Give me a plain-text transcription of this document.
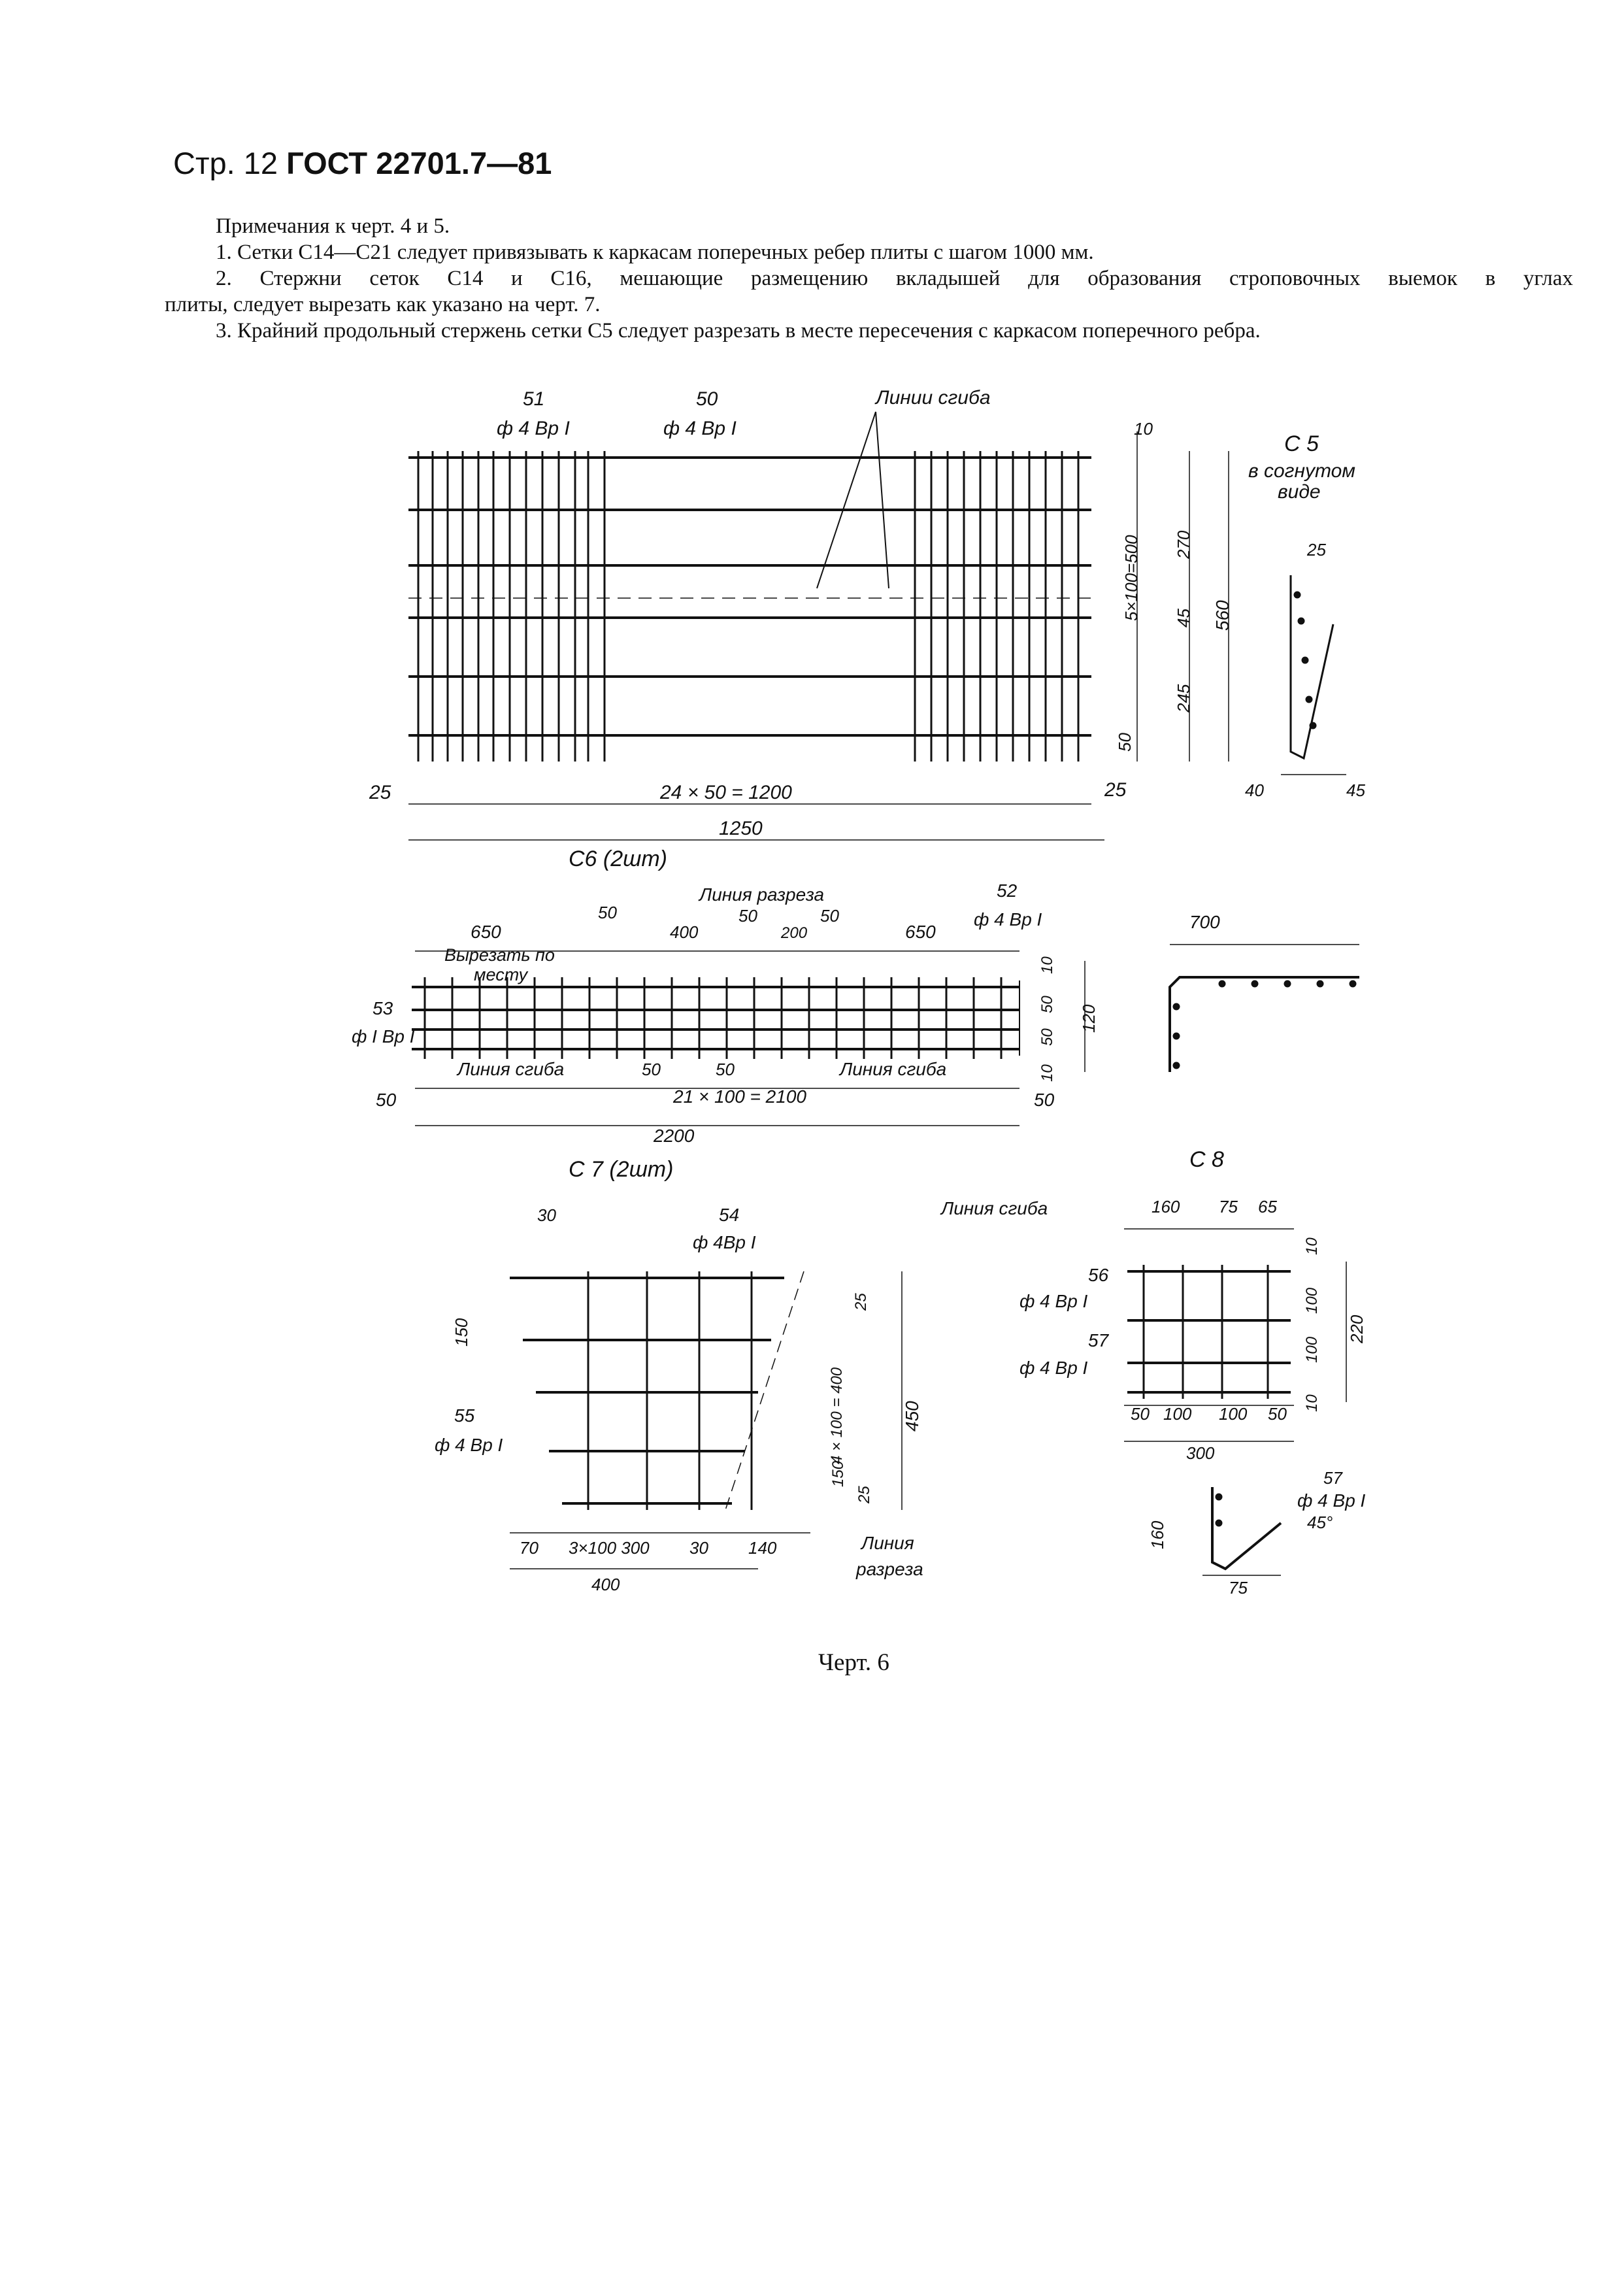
Стр. 12 ГОСТ 22701.7—81

Примечания к черт. 4 и 5.

1. Сетки С14—С21 следует привязывать к каркасам поперечных ребер плиты с шагом 1000 мм.

2. Стержни сеток С14 и С16, мешающие размещению вкладышей для образования строповочных выемок в углах

плиты, следует вырезать как указано на черт. 7.

3. Крайний продольный стержень сетки С5 следует разрезать в месте пересечения с каркасом поперечного ребра.

51
ф 4 Вр I
50
ф 4 Вр I
Линии сгиба
10
5×100=500 270
45 560
245
50
25	24 × 50 = 1200	25
1250
С 5
в согнутом
виде
25
40	45
С6 (2шт)
Линия разреза
650
50
400
50
200
50
650
52
ф 4 Вр I
Вырезать по
месту
53
ф I Вр I
10
50
50
120
10
Линия сгиба	50	50	Линия сгиба
50	21 × 100 = 2100	50
2200
700
С 7 (2шт)
30	54
ф 4Вр I
150
25
4 × 100 = 400	450
55
ф 4 Вр I
150
25
70 3×100 300 30 140	Линия
разреза
400
С 8
Линия сгиба	160 75 65
56
ф 4 Вр I
57
ф 4 Вр I
10
100
100
220
10
50 100 100 50
300
57
ф 4 Вр I
45°
160
75
Черт. 6
